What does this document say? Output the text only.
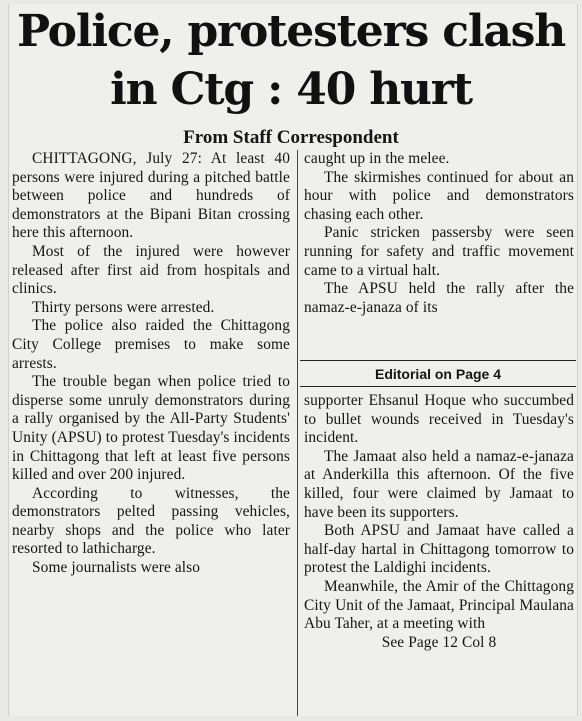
Police, protesters clash
in Ctg : 40 hurt
From Staff Correspondent

CHITTAGONG, July 27: At least 40 persons were injured during a pitched battle between police and hundreds of demonstrators at the Bipani Bitan crossing here this afternoon.

Most of the injured were however released after first aid from hospitals and clinics.

Thirty persons were arrested.

The police also raided the Chittagong City College premises to make some arrests.

The trouble began when police tried to disperse some unruly demonstrators during a rally organised by the All-Party Students' Unity (APSU) to protest Tuesday's incidents in Chittagong that left at least five persons killed and over 200 injured.

According to witnesses, the demonstrators pelted passing vehicles, nearby shops and the police who later resorted to lathicharge.

Some journalists were also

caught up in the melee.

The skirmishes continued for about an hour with police and demonstrators chasing each other.

Panic stricken passersby were seen running for safety and traffic movement came to a virtual halt.

The APSU held the rally after the namaz-e-janaza of its

Editorial on Page 4

supporter Ehsanul Hoque who succumbed to bullet wounds received in Tuesday's incident.

The Jamaat also held a namaz-e-janaza at Anderkilla this afternoon. Of the five killed, four were claimed by Jamaat to have been its supporters.

Both APSU and Jamaat have called a half-day hartal in Chittagong tomorrow to protest the Laldighi incidents.

Meanwhile, the Amir of the Chittagong City Unit of the Jamaat, Principal Maulana Abu Taher, at a meeting with

See Page 12 Col 8
